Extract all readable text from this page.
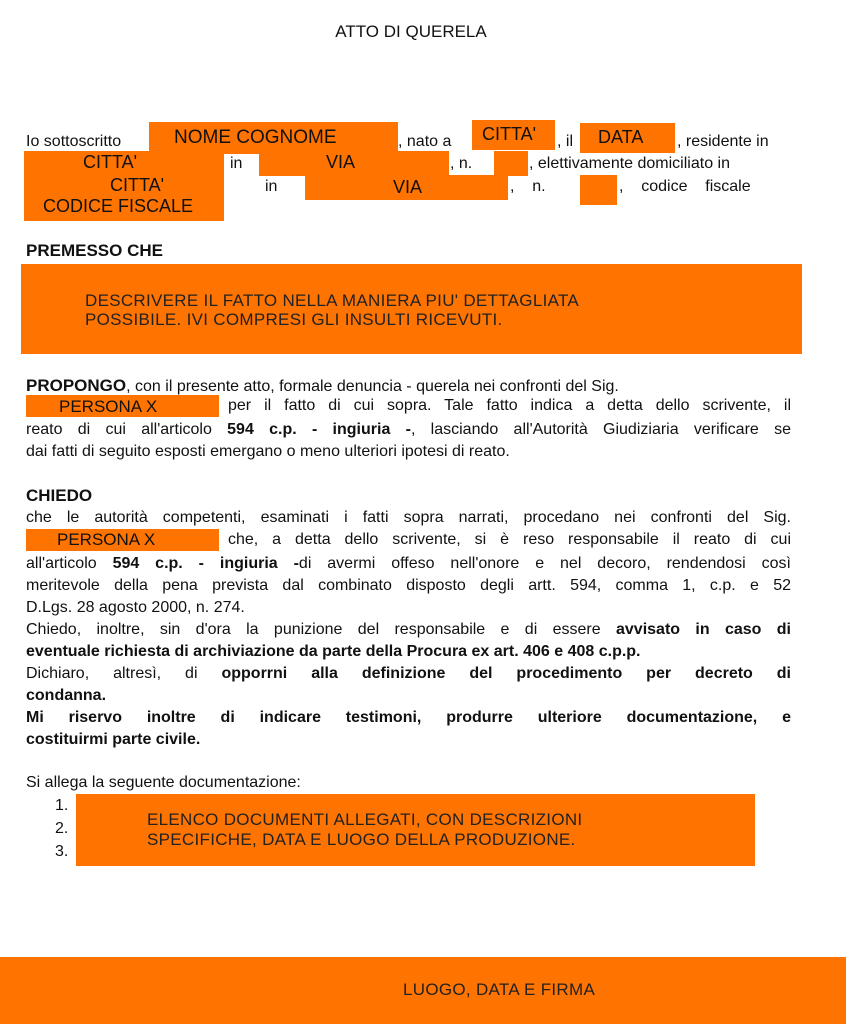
ATTO DI QUERELA
Io sottoscritto	NOME COGNOME	, nato a CITTA' , il DATA , residente in
CITTA'	in	VIA	, n.	, elettivamente domiciliato in
CITTA'	in	VIA	,    n.	,    codice    fiscale
CODICE FISCALE
PREMESSO CHE
DESCRIVERE IL FATTO NELLA MANIERA PIU' DETTAGLIATA
POSSIBILE. IVI COMPRESI GLI INSULTI RICEVUTI.
PROPONGO, con il presente atto, formale denuncia - querela nei confronti del Sig.
PERSONA X	per il fatto di cui sopra. Tale fatto indica a detta dello scrivente, il
reato di cui all'articolo 594 c.p. - ingiuria -, lasciando all'Autorità Giudiziaria verificare se
dai fatti di seguito esposti emergano o meno ulteriori ipotesi di reato.
CHIEDO
che le autorità competenti, esaminati i fatti sopra narrati, procedano nei confronti del Sig.
PERSONA X	che, a detta dello scrivente, si è reso responsabile il reato di cui
all'articolo 594 c.p. - ingiuria -di avermi offeso nell'onore e nel decoro, rendendosi così
meritevole della pena prevista dal combinato disposto degli artt. 594, comma 1, c.p. e 52
D.Lgs. 28 agosto 2000, n. 274.
Chiedo, inoltre, sin d'ora la punizione del responsabile e di essere avvisato in caso di
eventuale richiesta di archiviazione da parte della Procura ex art. 406 e 408 c.p.p.
Dichiaro, altresì, di opporrni alla definizione del procedimento per decreto di
condanna.
Mi riservo inoltre di indicare testimoni, produrre ulteriore documentazione, e
costituirmi parte civile.
Si allega la seguente documentazione:
1.
2.
3.
ELENCO DOCUMENTI ALLEGATI, CON DESCRIZIONI
SPECIFICHE, DATA E LUOGO DELLA PRODUZIONE.
LUOGO, DATA E FIRMA
